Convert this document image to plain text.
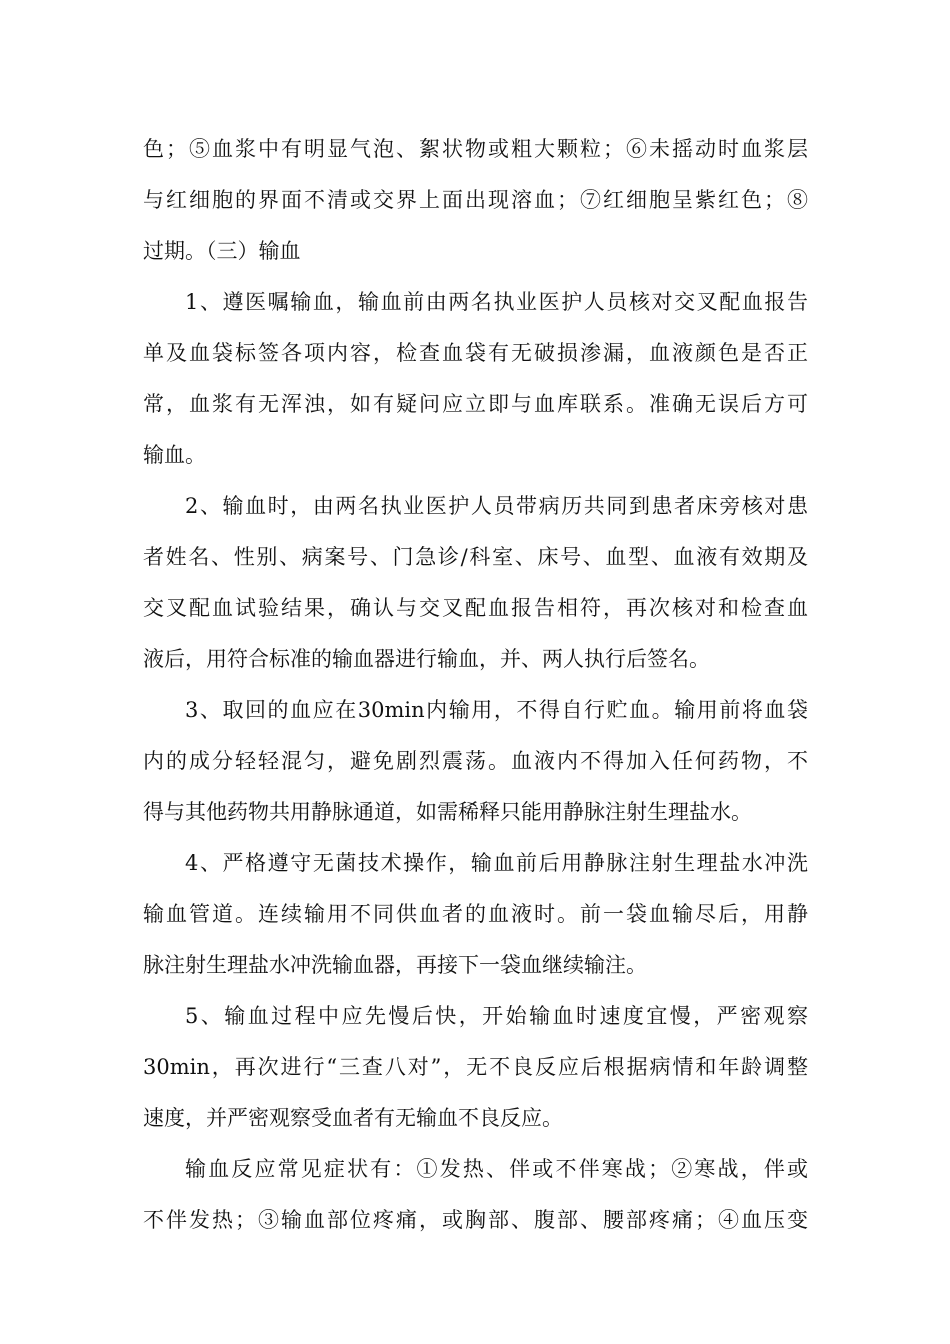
色；⑤血浆中有明显气泡、絮状物或粗大颗粒；⑥未摇动时血浆层
与红细胞的界面不清或交界上面出现溶血；⑦红细胞呈紫红色；⑧
过期。（三）输血
1、遵医嘱输血，输血前由两名执业医护人员核对交叉配血报告
单及血袋标签各项内容，检查血袋有无破损渗漏，血液颜色是否正
常，血浆有无浑浊，如有疑问应立即与血库联系。准确无误后方可
输血。
2、输血时，由两名执业医护人员带病历共同到患者床旁核对患
者姓名、性别、病案号、门急诊/科室、床号、血型、血液有效期及
交叉配血试验结果，确认与交叉配血报告相符，再次核对和检查血
液后，用符合标准的输血器进行输血，并、两人执行后签名。
3、取回的血应在30min内输用，不得自行贮血。输用前将血袋
内的成分轻轻混匀，避免剧烈震荡。血液内不得加入任何药物，不
得与其他药物共用静脉通道，如需稀释只能用静脉注射生理盐水。
4、严格遵守无菌技术操作，输血前后用静脉注射生理盐水冲洗
输血管道。连续输用不同供血者的血液时。前一袋血输尽后，用静
脉注射生理盐水冲洗输血器，再接下一袋血继续输注。
5、输血过程中应先慢后快，开始输血时速度宜慢，严密观察
30min，再次进行“三查八对”，无不良反应后根据病情和年龄调整
速度，并严密观察受血者有无输血不良反应。
输血反应常见症状有：①发热、伴或不伴寒战；②寒战，伴或
不伴发热；③输血部位疼痛，或胸部、腹部、腰部疼痛；④血压变
